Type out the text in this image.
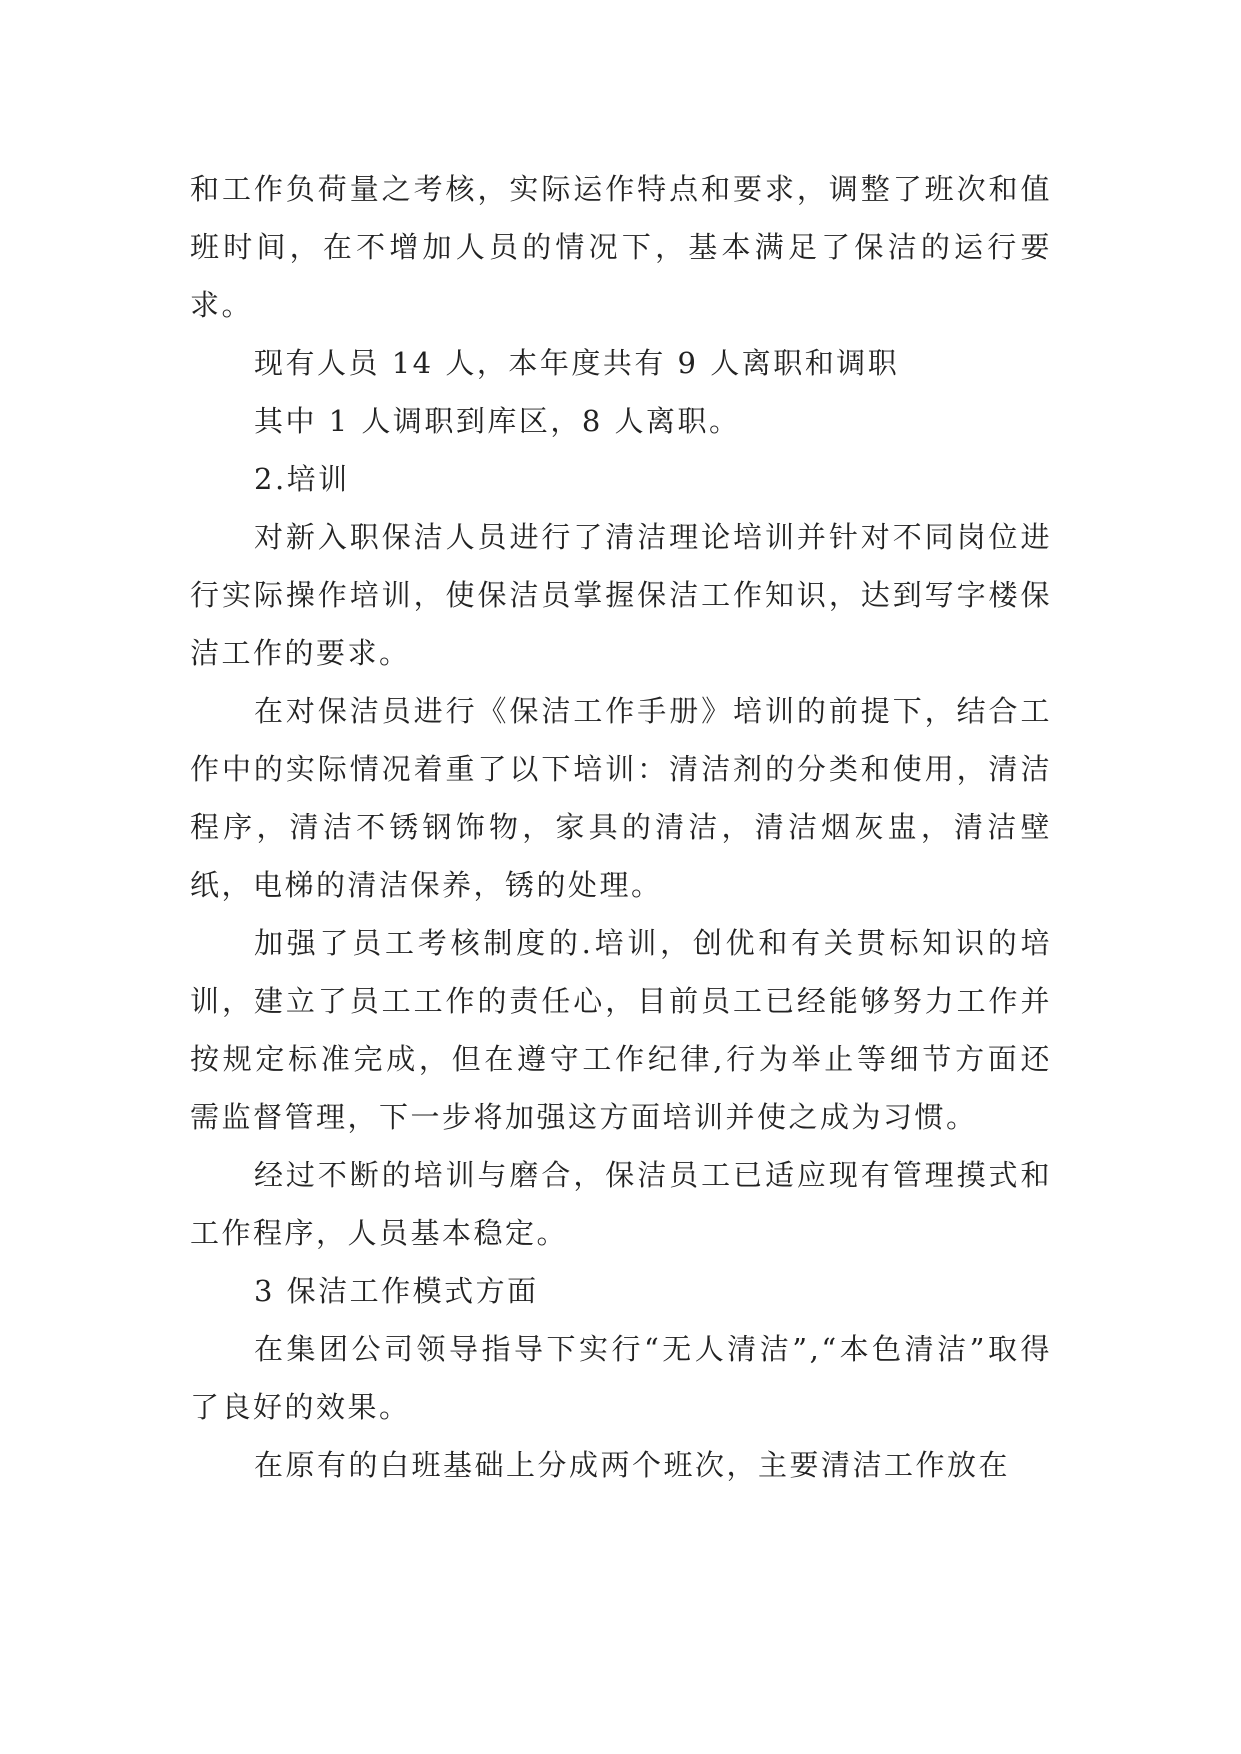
和工作负荷量之考核，实际运作特点和要求，调整了班次和值班时间，在不增加人员的情况下，基本满足了保洁的运行要求。

现有人员 14 人，本年度共有 9 人离职和调职

其中 1 人调职到库区，8 人离职。

2.培训

对新入职保洁人员进行了清洁理论培训并针对不同岗位进行实际操作培训，使保洁员掌握保洁工作知识，达到写字楼保洁工作的要求。

在对保洁员进行《保洁工作手册》培训的前提下，结合工作中的实际情况着重了以下培训：清洁剂的分类和使用，清洁程序，清洁不锈钢饰物，家具的清洁，清洁烟灰盅，清洁壁纸，电梯的清洁保养，锈的处理。

加强了员工考核制度的.培训，创优和有关贯标知识的培训，建立了员工工作的责任心，目前员工已经能够努力工作并按规定标准完成，但在遵守工作纪律,行为举止等细节方面还需监督管理，下一步将加强这方面培训并使之成为习惯。

经过不断的培训与磨合，保洁员工已适应现有管理摸式和工作程序，人员基本稳定。

3 保洁工作模式方面

在集团公司领导指导下实行“无人清洁”,“本色清洁”取得了良好的效果。

在原有的白班基础上分成两个班次，主要清洁工作放在
